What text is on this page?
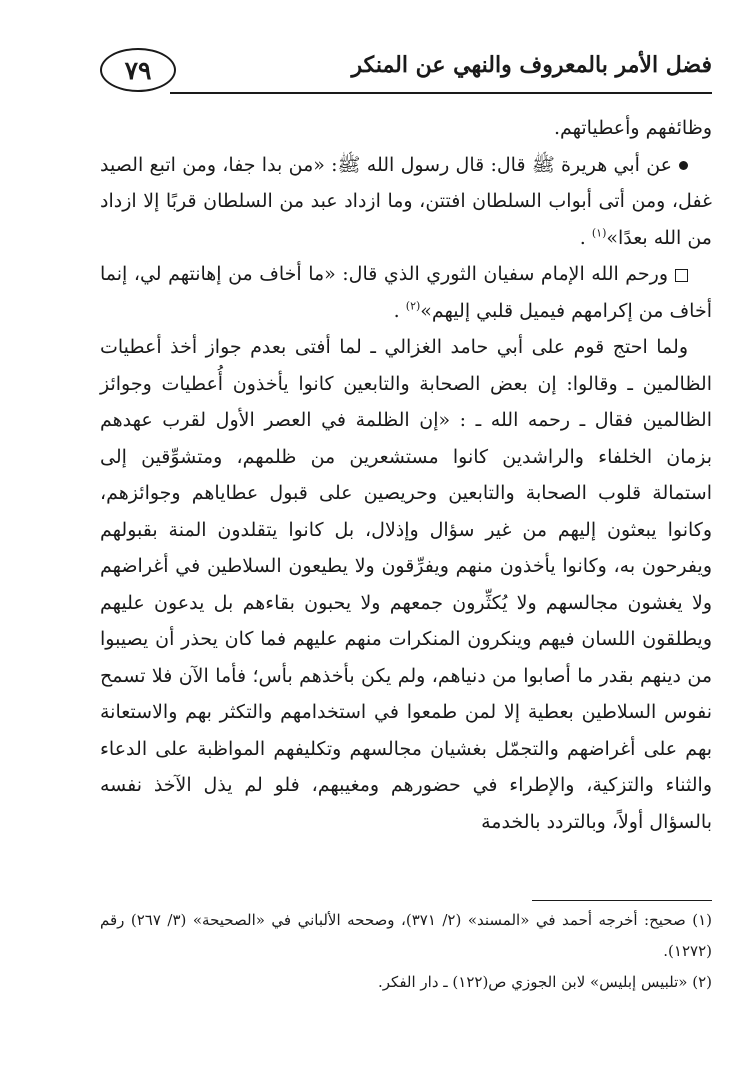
٧٩	فضل الأمر بالمعروف والنهي عن المنكر

وظائفهم وأعطياتهم.

عن أبي هريرة ﷺ قال: قال رسول الله ﷺ: «من بدا جفا، ومن اتبع الصيد غفل، ومن أتى أبواب السلطان افتتن، وما ازداد عبد من السلطان قربًا إلا ازداد من الله بعدًا»$^{(١)}$ .

ورحم الله الإمام سفيان الثوري الذي قال: «ما أخاف من إهانتهم لي، إنما أخاف من إكرامهم فيميل قلبي إليهم»$^{(٢)}$ .

ولما احتج قوم على أبي حامد الغزالي ـ لما أفتى بعدم جواز أخذ أعطيات الظالمين ـ وقالوا: إن بعض الصحابة والتابعين كانوا يأخذون أُعطيات وجوائز الظالمين فقال ـ رحمه الله ـ : «إن الظلمة في العصر الأول لقرب عهدهم بزمان الخلفاء والراشدين كانوا مستشعرين من ظلمهم، ومتشوِّقين إلى استمالة قلوب الصحابة والتابعين وحريصين على قبول عطاياهم وجوائزهم، وكانوا يبعثون إليهم من غير سؤال وإذلال، بل كانوا يتقلدون المنة بقبولهم ويفرحون به، وكانوا يأخذون منهم ويفرِّقون ولا يطيعون السلاطين في أغراضهم ولا يغشون مجالسهم ولا يُكثِّرون جمعهم ولا يحبون بقاءهم بل يدعون عليهم ويطلقون اللسان فيهم وينكرون المنكرات منهم عليهم فما كان يحذر أن يصيبوا من دينهم بقدر ما أصابوا من دنياهم، ولم يكن بأخذهم بأس؛ فأما الآن فلا تسمح نفوس السلاطين بعطية إلا لمن طمعوا في استخدامهم والتكثر بهم والاستعانة بهم على أغراضهم والتجمّل بغشيان مجالسهم وتكليفهم المواظبة على الدعاء والثناء والتزكية، والإطراء في حضورهم ومغيبهم، فلو لم يذل الآخذ نفسه بالسؤال أولاً، وبالتردد بالخدمة

(١) صحيح: أخرجه أحمد في «المسند» (٢/ ٣٧١)، وصححه الألباني في «الصحيحة» (٣/ ٢٦٧) رقم (١٢٧٢).

(٢) «تلبيس إبليس» لابن الجوزي ص(١٢٢) ـ دار الفكر.
